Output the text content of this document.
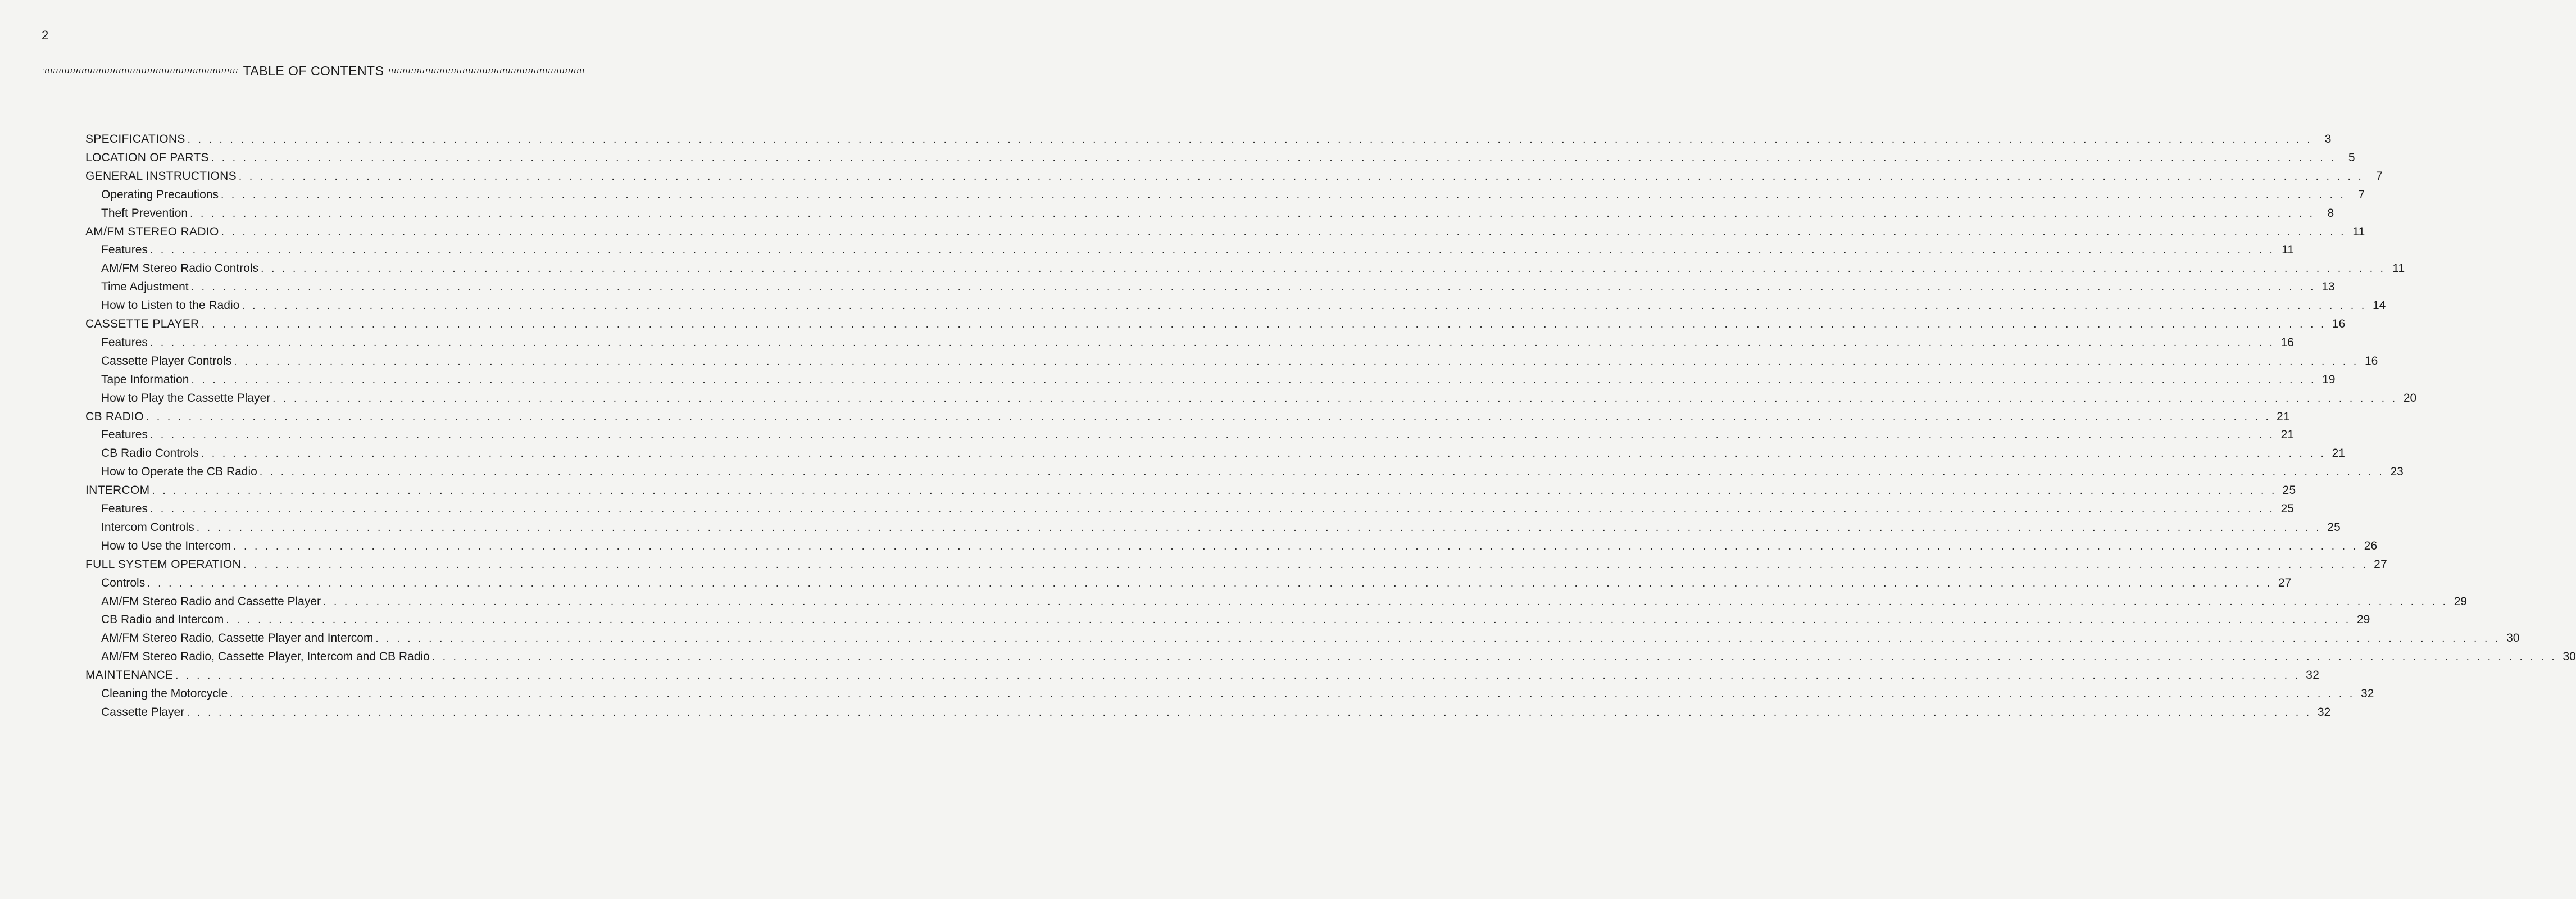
2
TABLE OF CONTENTS
SPECIFICATIONS . . . . . . . . . . . . . . . . . . . . . . . . . . . . . . . . . . . . . . . . . . . . . . . . . . . . . . . . . . . . . . . . . . . . . . . . . . . . . . . . . . . . . . . . . . . . . . . . . . . . . . . . . . . . . . . . . . . . . . . . . . . . . . . . . . . . . . . . . . . . . . . . . . . . . . . . . . . . . . . . . . . . . . . . . . . . . . . . . . . . . . . . . . . . . . . . . . . . . . . .	3
LOCATION OF PARTS . . . . . . . . . . . . . . . . . . . . . . . . . . . . . . . . . . . . . . . . . . . . . . . . . . . . . . . . . . . . . . . . . . . . . . . . . . . . . . . . . . . . . . . . . . . . . . . . . . . . . . . . . . . . . . . . . . . . . . . . . . . . . . . . . . . . . . . . . . . . . . . . . . . . . . . . . . . . . . . . . . . . . . . . . . . . . . . . . . . . . . . . . . . . . . . . . . . . . . . .	5
GENERAL INSTRUCTIONS . . . . . . . . . . . . . . . . . . . . . . . . . . . . . . . . . . . . . . . . . . . . . . . . . . . . . . . . . . . . . . . . . . . . . . . . . . . . . . . . . . . . . . . . . . . . . . . . . . . . . . . . . . . . . . . . . . . . . . . . . . . . . . . . . . . . . . . . . . . . . . . . . . . . . . . . . . . . . . . . . . . . . . . . . . . . . . . . . . . . . . . . . . . . . . . . . . . . . . . .	7
Operating Precautions . . . . . . . . . . . . . . . . . . . . . . . . . . . . . . . . . . . . . . . . . . . . . . . . . . . . . . . . . . . . . . . . . . . . . . . . . . . . . . . . . . . . . . . . . . . . . . . . . . . . . . . . . . . . . . . . . . . . . . . . . . . . . . . . . . . . . . . . . . . . . . . . . . . . . . . . . . . . . . . . . . . . . . . . . . . . . . . . . . . . . . . . . . . . . . . . . . . . . . . .	7
Theft Prevention . . . . . . . . . . . . . . . . . . . . . . . . . . . . . . . . . . . . . . . . . . . . . . . . . . . . . . . . . . . . . . . . . . . . . . . . . . . . . . . . . . . . . . . . . . . . . . . . . . . . . . . . . . . . . . . . . . . . . . . . . . . . . . . . . . . . . . . . . . . . . . . . . . . . . . . . . . . . . . . . . . . . . . . . . . . . . . . . . . . . . . . . . . . . . . . . . . . . . . . .	8
AM/FM STEREO RADIO . . . . . . . . . . . . . . . . . . . . . . . . . . . . . . . . . . . . . . . . . . . . . . . . . . . . . . . . . . . . . . . . . . . . . . . . . . . . . . . . . . . . . . . . . . . . . . . . . . . . . . . . . . . . . . . . . . . . . . . . . . . . . . . . . . . . . . . . . . . . . . . . . . . . . . . . . . . . . . . . . . . . . . . . . . . . . . . . . . . . . . . . . . . . . . . . . . . . . . . . 11
Features . . . . . . . . . . . . . . . . . . . . . . . . . . . . . . . . . . . . . . . . . . . . . . . . . . . . . . . . . . . . . . . . . . . . . . . . . . . . . . . . . . . . . . . . . . . . . . . . . . . . . . . . . . . . . . . . . . . . . . . . . . . . . . . . . . . . . . . . . . . . . . . . . . . . . . . . . . . . . . . . . . . . . . . . . . . . . . . . . . . . . . . . . . . . . . . . . . . . . . . . 11
AM/FM Stereo Radio Controls . . . . . . . . . . . . . . . . . . . . . . . . . . . . . . . . . . . . . . . . . . . . . . . . . . . . . . . . . . . . . . . . . . . . . . . . . . . . . . . . . . . . . . . . . . . . . . . . . . . . . . . . . . . . . . . . . . . . . . . . . . . . . . . . . . . . . . . . . . . . . . . . . . . . . . . . . . . . . . . . . . . . . . . . . . . . . . . . . . . . . . . . . . . . . . . . . . . . . . . . 11
Time Adjustment . . . . . . . . . . . . . . . . . . . . . . . . . . . . . . . . . . . . . . . . . . . . . . . . . . . . . . . . . . . . . . . . . . . . . . . . . . . . . . . . . . . . . . . . . . . . . . . . . . . . . . . . . . . . . . . . . . . . . . . . . . . . . . . . . . . . . . . . . . . . . . . . . . . . . . . . . . . . . . . . . . . . . . . . . . . . . . . . . . . . . . . . . . . . . . . . . . . . . . . . 13
How to Listen to the Radio . . . . . . . . . . . . . . . . . . . . . . . . . . . . . . . . . . . . . . . . . . . . . . . . . . . . . . . . . . . . . . . . . . . . . . . . . . . . . . . . . . . . . . . . . . . . . . . . . . . . . . . . . . . . . . . . . . . . . . . . . . . . . . . . . . . . . . . . . . . . . . . . . . . . . . . . . . . . . . . . . . . . . . . . . . . . . . . . . . . . . . . . . . . . . . . . . . . . . . . . 14
CASSETTE PLAYER . . . . . . . . . . . . . . . . . . . . . . . . . . . . . . . . . . . . . . . . . . . . . . . . . . . . . . . . . . . . . . . . . . . . . . . . . . . . . . . . . . . . . . . . . . . . . . . . . . . . . . . . . . . . . . . . . . . . . . . . . . . . . . . . . . . . . . . . . . . . . . . . . . . . . . . . . . . . . . . . . . . . . . . . . . . . . . . . . . . . . . . . . . . . . . . . . . . . . . . . 16
Features . . . . . . . . . . . . . . . . . . . . . . . . . . . . . . . . . . . . . . . . . . . . . . . . . . . . . . . . . . . . . . . . . . . . . . . . . . . . . . . . . . . . . . . . . . . . . . . . . . . . . . . . . . . . . . . . . . . . . . . . . . . . . . . . . . . . . . . . . . . . . . . . . . . . . . . . . . . . . . . . . . . . . . . . . . . . . . . . . . . . . . . . . . . . . . . . . . . . . . . . 16
Cassette Player Controls . . . . . . . . . . . . . . . . . . . . . . . . . . . . . . . . . . . . . . . . . . . . . . . . . . . . . . . . . . . . . . . . . . . . . . . . . . . . . . . . . . . . . . . . . . . . . . . . . . . . . . . . . . . . . . . . . . . . . . . . . . . . . . . . . . . . . . . . . . . . . . . . . . . . . . . . . . . . . . . . . . . . . . . . . . . . . . . . . . . . . . . . . . . . . . . . . . . . . . . . 16
Tape Information . . . . . . . . . . . . . . . . . . . . . . . . . . . . . . . . . . . . . . . . . . . . . . . . . . . . . . . . . . . . . . . . . . . . . . . . . . . . . . . . . . . . . . . . . . . . . . . . . . . . . . . . . . . . . . . . . . . . . . . . . . . . . . . . . . . . . . . . . . . . . . . . . . . . . . . . . . . . . . . . . . . . . . . . . . . . . . . . . . . . . . . . . . . . . . . . . . . . . . . . 19
How to Play the Cassette Player . . . . . . . . . . . . . . . . . . . . . . . . . . . . . . . . . . . . . . . . . . . . . . . . . . . . . . . . . . . . . . . . . . . . . . . . . . . . . . . . . . . . . . . . . . . . . . . . . . . . . . . . . . . . . . . . . . . . . . . . . . . . . . . . . . . . . . . . . . . . . . . . . . . . . . . . . . . . . . . . . . . . . . . . . . . . . . . . . . . . . . . . . . . . . . . . . . . . . . . . 20
CB RADIO . . . . . . . . . . . . . . . . . . . . . . . . . . . . . . . . . . . . . . . . . . . . . . . . . . . . . . . . . . . . . . . . . . . . . . . . . . . . . . . . . . . . . . . . . . . . . . . . . . . . . . . . . . . . . . . . . . . . . . . . . . . . . . . . . . . . . . . . . . . . . . . . . . . . . . . . . . . . . . . . . . . . . . . . . . . . . . . . . . . . . . . . . . . . . . . . . . . . . . . . 21
Features . . . . . . . . . . . . . . . . . . . . . . . . . . . . . . . . . . . . . . . . . . . . . . . . . . . . . . . . . . . . . . . . . . . . . . . . . . . . . . . . . . . . . . . . . . . . . . . . . . . . . . . . . . . . . . . . . . . . . . . . . . . . . . . . . . . . . . . . . . . . . . . . . . . . . . . . . . . . . . . . . . . . . . . . . . . . . . . . . . . . . . . . . . . . . . . . . . . . . . . . 21
CB Radio Controls . . . . . . . . . . . . . . . . . . . . . . . . . . . . . . . . . . . . . . . . . . . . . . . . . . . . . . . . . . . . . . . . . . . . . . . . . . . . . . . . . . . . . . . . . . . . . . . . . . . . . . . . . . . . . . . . . . . . . . . . . . . . . . . . . . . . . . . . . . . . . . . . . . . . . . . . . . . . . . . . . . . . . . . . . . . . . . . . . . . . . . . . . . . . . . . . . . . . . . . . 21
How to Operate the CB Radio . . . . . . . . . . . . . . . . . . . . . . . . . . . . . . . . . . . . . . . . . . . . . . . . . . . . . . . . . . . . . . . . . . . . . . . . . . . . . . . . . . . . . . . . . . . . . . . . . . . . . . . . . . . . . . . . . . . . . . . . . . . . . . . . . . . . . . . . . . . . . . . . . . . . . . . . . . . . . . . . . . . . . . . . . . . . . . . . . . . . . . . . . . . . . . . . . . . . . . . . 23
INTERCOM . . . . . . . . . . . . . . . . . . . . . . . . . . . . . . . . . . . . . . . . . . . . . . . . . . . . . . . . . . . . . . . . . . . . . . . . . . . . . . . . . . . . . . . . . . . . . . . . . . . . . . . . . . . . . . . . . . . . . . . . . . . . . . . . . . . . . . . . . . . . . . . . . . . . . . . . . . . . . . . . . . . . . . . . . . . . . . . . . . . . . . . . . . . . . . . . . . . . . . . . 25
Features . . . . . . . . . . . . . . . . . . . . . . . . . . . . . . . . . . . . . . . . . . . . . . . . . . . . . . . . . . . . . . . . . . . . . . . . . . . . . . . . . . . . . . . . . . . . . . . . . . . . . . . . . . . . . . . . . . . . . . . . . . . . . . . . . . . . . . . . . . . . . . . . . . . . . . . . . . . . . . . . . . . . . . . . . . . . . . . . . . . . . . . . . . . . . . . . . . . . . . . . 25
Intercom Controls . . . . . . . . . . . . . . . . . . . . . . . . . . . . . . . . . . . . . . . . . . . . . . . . . . . . . . . . . . . . . . . . . . . . . . . . . . . . . . . . . . . . . . . . . . . . . . . . . . . . . . . . . . . . . . . . . . . . . . . . . . . . . . . . . . . . . . . . . . . . . . . . . . . . . . . . . . . . . . . . . . . . . . . . . . . . . . . . . . . . . . . . . . . . . . . . . . . . . . . . 25
How to Use the Intercom . . . . . . . . . . . . . . . . . . . . . . . . . . . . . . . . . . . . . . . . . . . . . . . . . . . . . . . . . . . . . . . . . . . . . . . . . . . . . . . . . . . . . . . . . . . . . . . . . . . . . . . . . . . . . . . . . . . . . . . . . . . . . . . . . . . . . . . . . . . . . . . . . . . . . . . . . . . . . . . . . . . . . . . . . . . . . . . . . . . . . . . . . . . . . . . . . . . . . . . . 26
FULL SYSTEM OPERATION . . . . . . . . . . . . . . . . . . . . . . . . . . . . . . . . . . . . . . . . . . . . . . . . . . . . . . . . . . . . . . . . . . . . . . . . . . . . . . . . . . . . . . . . . . . . . . . . . . . . . . . . . . . . . . . . . . . . . . . . . . . . . . . . . . . . . . . . . . . . . . . . . . . . . . . . . . . . . . . . . . . . . . . . . . . . . . . . . . . . . . . . . . . . . . . . . . . . . . . . 27
Controls . . . . . . . . . . . . . . . . . . . . . . . . . . . . . . . . . . . . . . . . . . . . . . . . . . . . . . . . . . . . . . . . . . . . . . . . . . . . . . . . . . . . . . . . . . . . . . . . . . . . . . . . . . . . . . . . . . . . . . . . . . . . . . . . . . . . . . . . . . . . . . . . . . . . . . . . . . . . . . . . . . . . . . . . . . . . . . . . . . . . . . . . . . . . . . . . . . . . . . . . 27
AM/FM Stereo Radio and Cassette Player . . . . . . . . . . . . . . . . . . . . . . . . . . . . . . . . . . . . . . . . . . . . . . . . . . . . . . . . . . . . . . . . . . . . . . . . . . . . . . . . . . . . . . . . . . . . . . . . . . . . . . . . . . . . . . . . . . . . . . . . . . . . . . . . . . . . . . . . . . . . . . . . . . . . . . . . . . . . . . . . . . . . . . . . . . . . . . . . . . . . . . . . . . . . . . . . . . . . . . . . 29
CB Radio and Intercom . . . . . . . . . . . . . . . . . . . . . . . . . . . . . . . . . . . . . . . . . . . . . . . . . . . . . . . . . . . . . . . . . . . . . . . . . . . . . . . . . . . . . . . . . . . . . . . . . . . . . . . . . . . . . . . . . . . . . . . . . . . . . . . . . . . . . . . . . . . . . . . . . . . . . . . . . . . . . . . . . . . . . . . . . . . . . . . . . . . . . . . . . . . . . . . . . . . . . . . . 29
AM/FM Stereo Radio, Cassette Player and Intercom . . . . . . . . . . . . . . . . . . . . . . . . . . . . . . . . . . . . . . . . . . . . . . . . . . . . . . . . . . . . . . . . . . . . . . . . . . . . . . . . . . . . . . . . . . . . . . . . . . . . . . . . . . . . . . . . . . . . . . . . . . . . . . . . . . . . . . . . . . . . . . . . . . . . . . . . . . . . . . . . . . . . . . . . . . . . . . . . . . . . . . . . . . . . . . . . . . . . . . . . 30
AM/FM Stereo Radio, Cassette Player, Intercom and CB Radio . . . . . . . . . . . . . . . . . . . . . . . . . . . . . . . . . . . . . . . . . . . . . . . . . . . . . . . . . . . . . . . . . . . . . . . . . . . . . . . . . . . . . . . . . . . . . . . . . . . . . . . . . . . . . . . . . . . . . . . . . . . . . . . . . . . . . . . . . . . . . . . . . . . . . . . . . . . . . . . . . . . . . . . . . . . . . . . . . . . . . . . . . . . . . . . . . . . . . . . . 30
MAINTENANCE . . . . . . . . . . . . . . . . . . . . . . . . . . . . . . . . . . . . . . . . . . . . . . . . . . . . . . . . . . . . . . . . . . . . . . . . . . . . . . . . . . . . . . . . . . . . . . . . . . . . . . . . . . . . . . . . . . . . . . . . . . . . . . . . . . . . . . . . . . . . . . . . . . . . . . . . . . . . . . . . . . . . . . . . . . . . . . . . . . . . . . . . . . . . . . . . . . . . . . . . 32
Cleaning the Motorcycle . . . . . . . . . . . . . . . . . . . . . . . . . . . . . . . . . . . . . . . . . . . . . . . . . . . . . . . . . . . . . . . . . . . . . . . . . . . . . . . . . . . . . . . . . . . . . . . . . . . . . . . . . . . . . . . . . . . . . . . . . . . . . . . . . . . . . . . . . . . . . . . . . . . . . . . . . . . . . . . . . . . . . . . . . . . . . . . . . . . . . . . . . . . . . . . . . . . . . . . . 32
Cassette Player . . . . . . . . . . . . . . . . . . . . . . . . . . . . . . . . . . . . . . . . . . . . . . . . . . . . . . . . . . . . . . . . . . . . . . . . . . . . . . . . . . . . . . . . . . . . . . . . . . . . . . . . . . . . . . . . . . . . . . . . . . . . . . . . . . . . . . . . . . . . . . . . . . . . . . . . . . . . . . . . . . . . . . . . . . . . . . . . . . . . . . . . . . . . . . . . . . . . . . . . 32
